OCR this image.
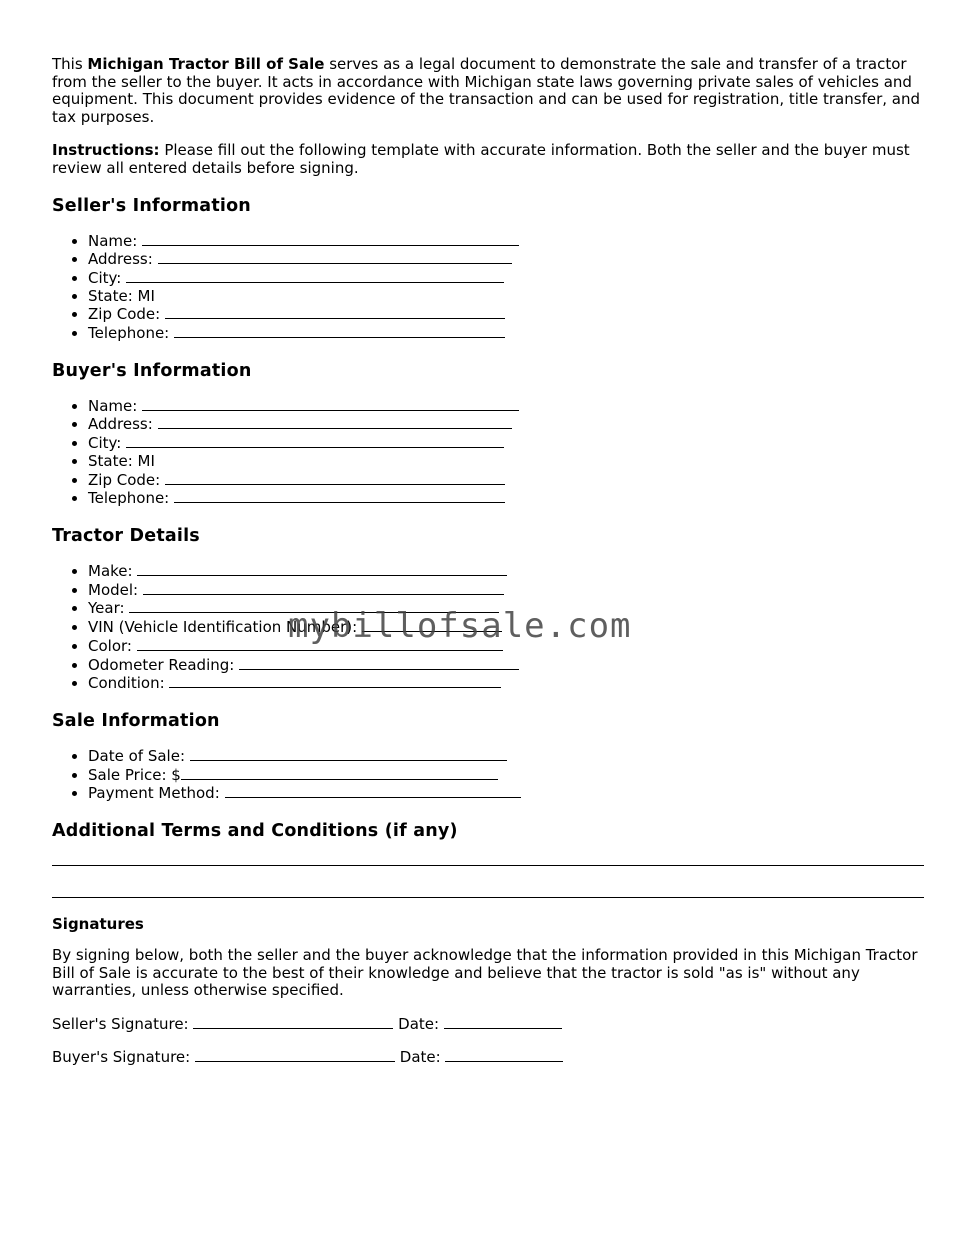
This Michigan Tractor Bill of Sale serves as a legal document to demonstrate the sale and transfer of a tractor from the seller to the buyer. It acts in accordance with Michigan state laws governing private sales of vehicles and equipment. This document provides evidence of the transaction and can be used for registration, title transfer, and tax purposes.

Instructions: Please fill out the following template with accurate information. Both the seller and the buyer must review all entered details before signing.

Seller's Information
• Name:
• Address:
• City:
• State: MI
• Zip Code:
• Telephone:
Buyer's Information
• Name:
• Address:
• City:
• State: MI
• Zip Code:
• Telephone:
Tractor Details
• Make:
• Model:
• Year:
• VIN (Vehicle Identification Number):
• Color:
• Odometer Reading:
• Condition:
Sale Information
• Date of Sale:
• Sale Price: $
• Payment Method:
Additional Terms and Conditions (if any)
Signatures

By signing below, both the seller and the buyer acknowledge that the information provided in this Michigan Tractor Bill of Sale is accurate to the best of their knowledge and believe that the tractor is sold "as is" without any warranties, unless otherwise specified.

Seller's Signature:	Date:

Buyer's Signature:	Date:

mybillofsale.com
